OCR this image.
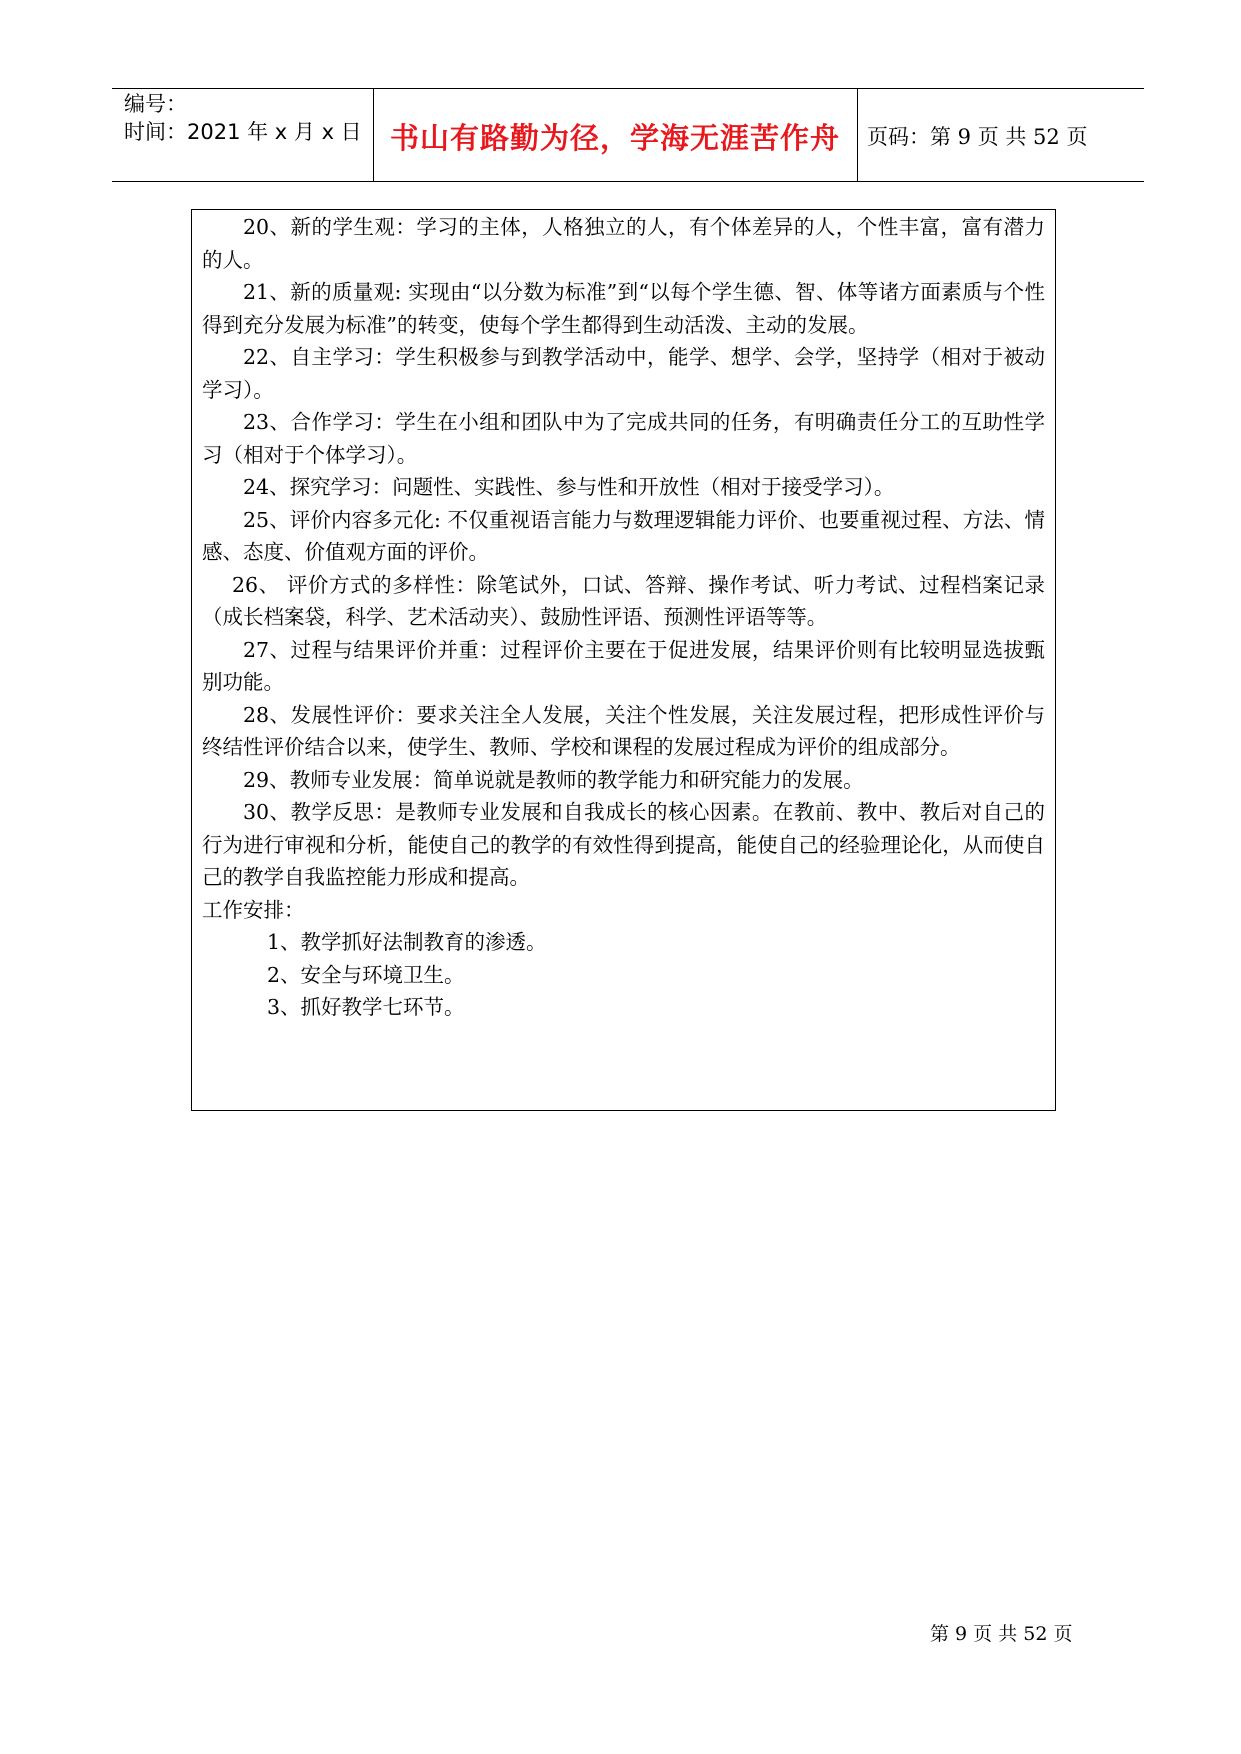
编号：
时间：2021 年 x 月 x 日 书山有路勤为径，学海无涯苦作舟	页码：第 9 页 共 52 页

20、新的学生观：学习的主体，人格独立的人，有个体差异的人，个性丰富，富有潜力的人。

21、新的质量观: 实现由“以分数为标准”到“以每个学生德、智、体等诸方面素质与个性得到充分发展为标准”的转变，使每个学生都得到生动活泼、主动的发展。

22、自主学习：学生积极参与到教学活动中，能学、想学、会学，坚持学（相对于被动学习）。

23、合作学习：学生在小组和团队中为了完成共同的任务，有明确责任分工的互助性学习（相对于个体学习）。

24、探究学习：问题性、实践性、参与性和开放性（相对于接受学习）。

25、评价内容多元化: 不仅重视语言能力与数理逻辑能力评价、也要重视过程、方法、情感、态度、价值观方面的评价。

26、 评价方式的多样性：除笔试外，口试、答辩、操作考试、听力考试、过程档案记录（成长档案袋，科学、艺术活动夹）、鼓励性评语、预测性评语等等。

27、过程与结果评价并重：过程评价主要在于促进发展，结果评价则有比较明显选拔甄别功能。

28、发展性评价：要求关注全人发展，关注个性发展，关注发展过程，把形成性评价与终结性评价结合以来，使学生、教师、学校和课程的发展过程成为评价的组成部分。

29、教师专业发展：简单说就是教师的教学能力和研究能力的发展。

30、教学反思：是教师专业发展和自我成长的核心因素。在教前、教中、教后对自己的行为进行审视和分析，能使自己的教学的有效性得到提高，能使自己的经验理论化，从而使自己的教学自我监控能力形成和提高。

工作安排：

1、教学抓好法制教育的渗透。

2、安全与环境卫生。

3、抓好教学七环节。

第 9 页 共 52 页
